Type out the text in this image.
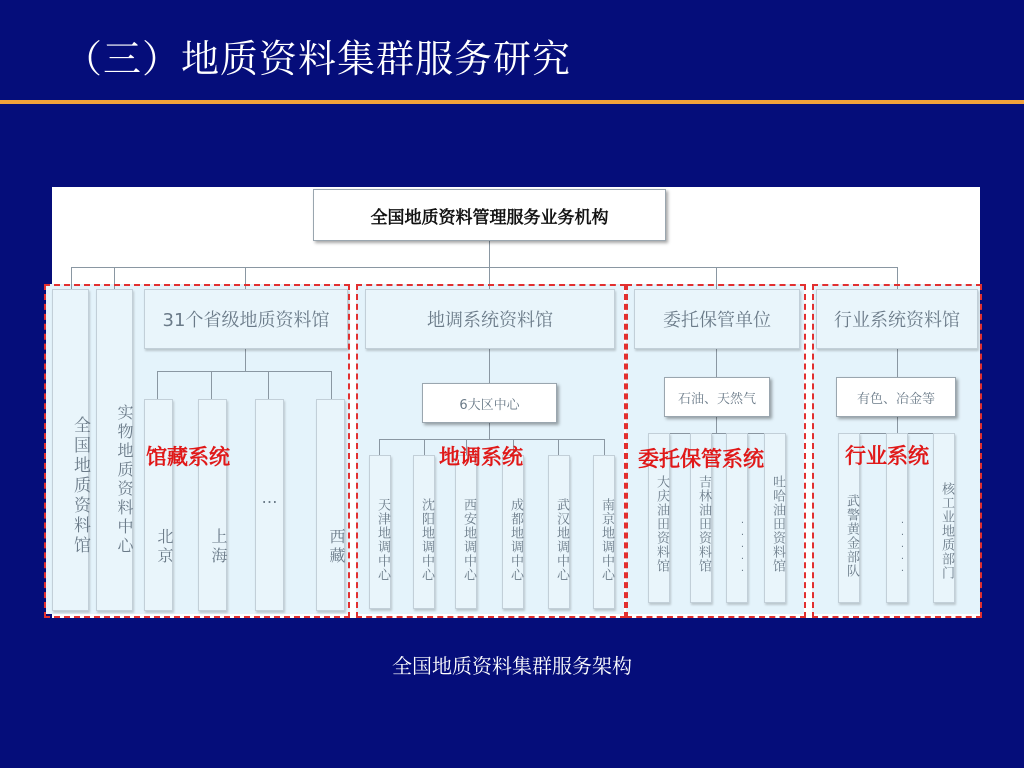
（三）地质资料集群服务研究
全国地质资料管理服务业务机构
全国地质资料馆	实物地质资料中心
31个省级地质资料馆
北京	上海
…
西藏
地调系统资料馆
6大区中心
天津地调中心	沈阳地调中心	西安地调中心	成都地调中心	武汉地调中心	南京地调中心
委托保管单位
石油、天然气
大庆油田资料馆	吉林油田资料馆	·····	吐哈油田资料馆
行业系统资料馆
有色、冶金等
武警黄金部队	·····	核工业地质部门
馆藏系统	地调系统	委托保管系统	行业系统
全国地质资料集群服务架构
